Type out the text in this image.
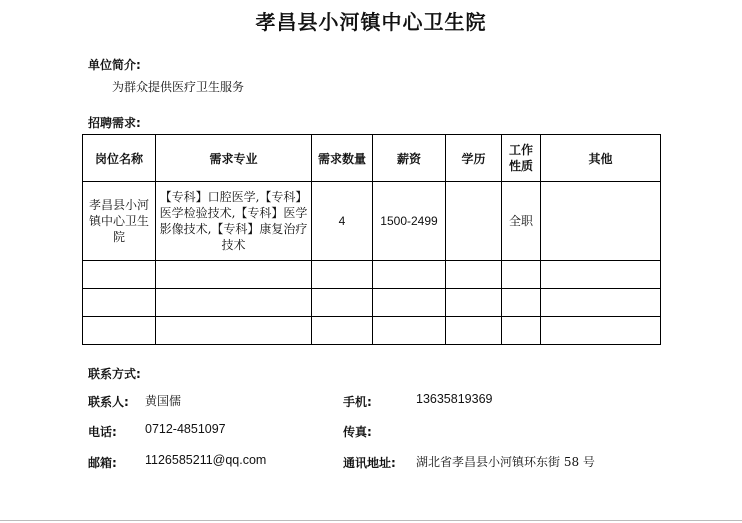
孝昌县小河镇中心卫生院
单位简介:
为群众提供医疗卫生服务
招聘需求:
岗位名称	需求专业	需求数量	薪资	学历	工作性质	其他
孝昌县小河镇中心卫生院	【专科】口腔医学,【专科】医学检验技术,【专科】医学影像技术,【专科】康复治疗技术	4	1500-2499		全职	

联系方式:
联系人: 黄国儒	手机:	13635819369
电话: 0712-4851097	传真:
邮箱: 1126585211@qq.com	通讯地址: 湖北省孝昌县小河镇环东街 58 号
